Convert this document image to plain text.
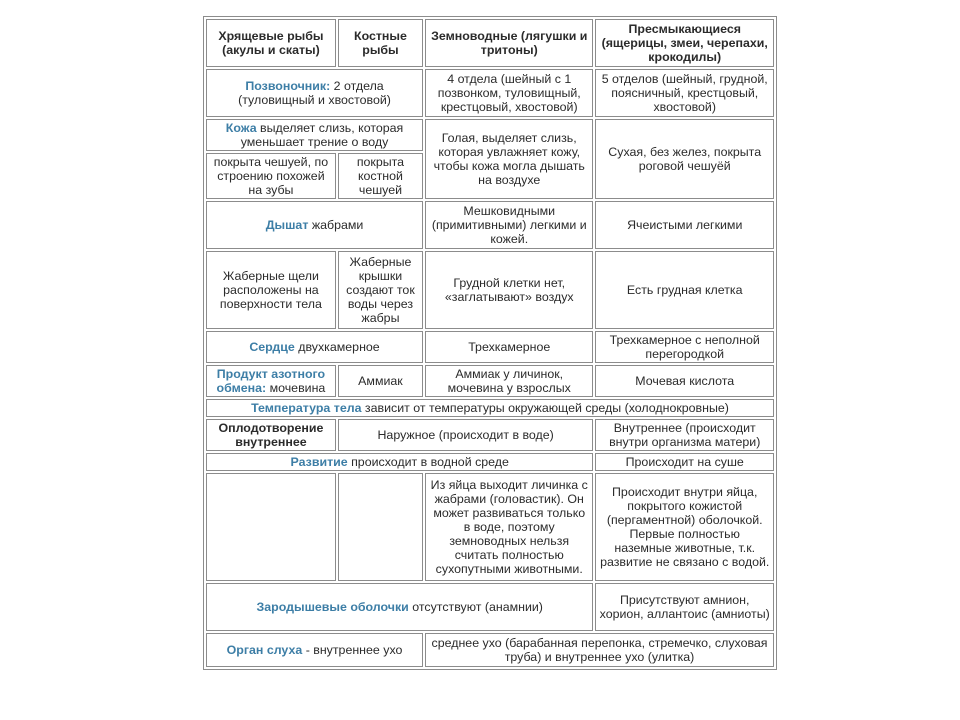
Хрящевые рыбы (акулы и скаты)	Костные рыбы	Земноводные (лягушки и тритоны)	Пресмыкающиеся (ящерицы, змеи, черепахи, крокодилы)
Позвоночник: 2 отдела (туловищный и хвостовой)		4 отдела (шейный с 1 позвонком, туловищный, крестцовый, хвостовой)	5 отделов (шейный, грудной, поясничный, крестцовый, хвостовой)
Кожа выделяет слизь, которая уменьшает трение о воду		Голая, выделяет слизь, которая увлажняет кожу, чтобы кожа могла дышать на воздухе	Сухая, без желез, покрыта роговой чешуёй
покрыта чешуей, по строению похожей на зубы	покрыта костной чешуей		
Дышат жабрами		Мешковидными (примитивными) легкими и кожей.	Ячеистыми легкими
Жаберные щели расположены на поверхности тела	Жаберные крышки создают ток воды через жабры	Грудной клетки нет, «заглатывают» воздух	Есть грудная клетка
Сердце двухкамерное		Трехкамерное	Трехкамерное с неполной перегородкой
Продукт азотного обмена: мочевина	Аммиак	Аммиак у личинок, мочевина у взрослых	Мочевая кислота
Температура тела зависит от температуры окружающей среды (холоднокровные)			
Оплодотворение внутреннее	Наружное (происходит в воде)		Внутреннее (происходит внутри организма матери)
Развитие происходит в водной среде			Происходит на суше
		Из яйца выходит личинка с жабрами (головастик). Он может развиваться только в воде, поэтому земноводных нельзя считать полностью сухопутными животными.	Происходит внутри яйца, покрытого кожистой (пергаментной) оболочкой. Первые полностью наземные животные, т.к. развитие не связано с водой.
Зародышевые оболочки отсутствуют (анамнии)			Присутствуют амнион, хорион, аллантоис (амниоты)
Орган слуха - внутреннее ухо		среднее ухо (барабанная перепонка, стремечко, слуховая труба) и внутреннее ухо (улитка)	
